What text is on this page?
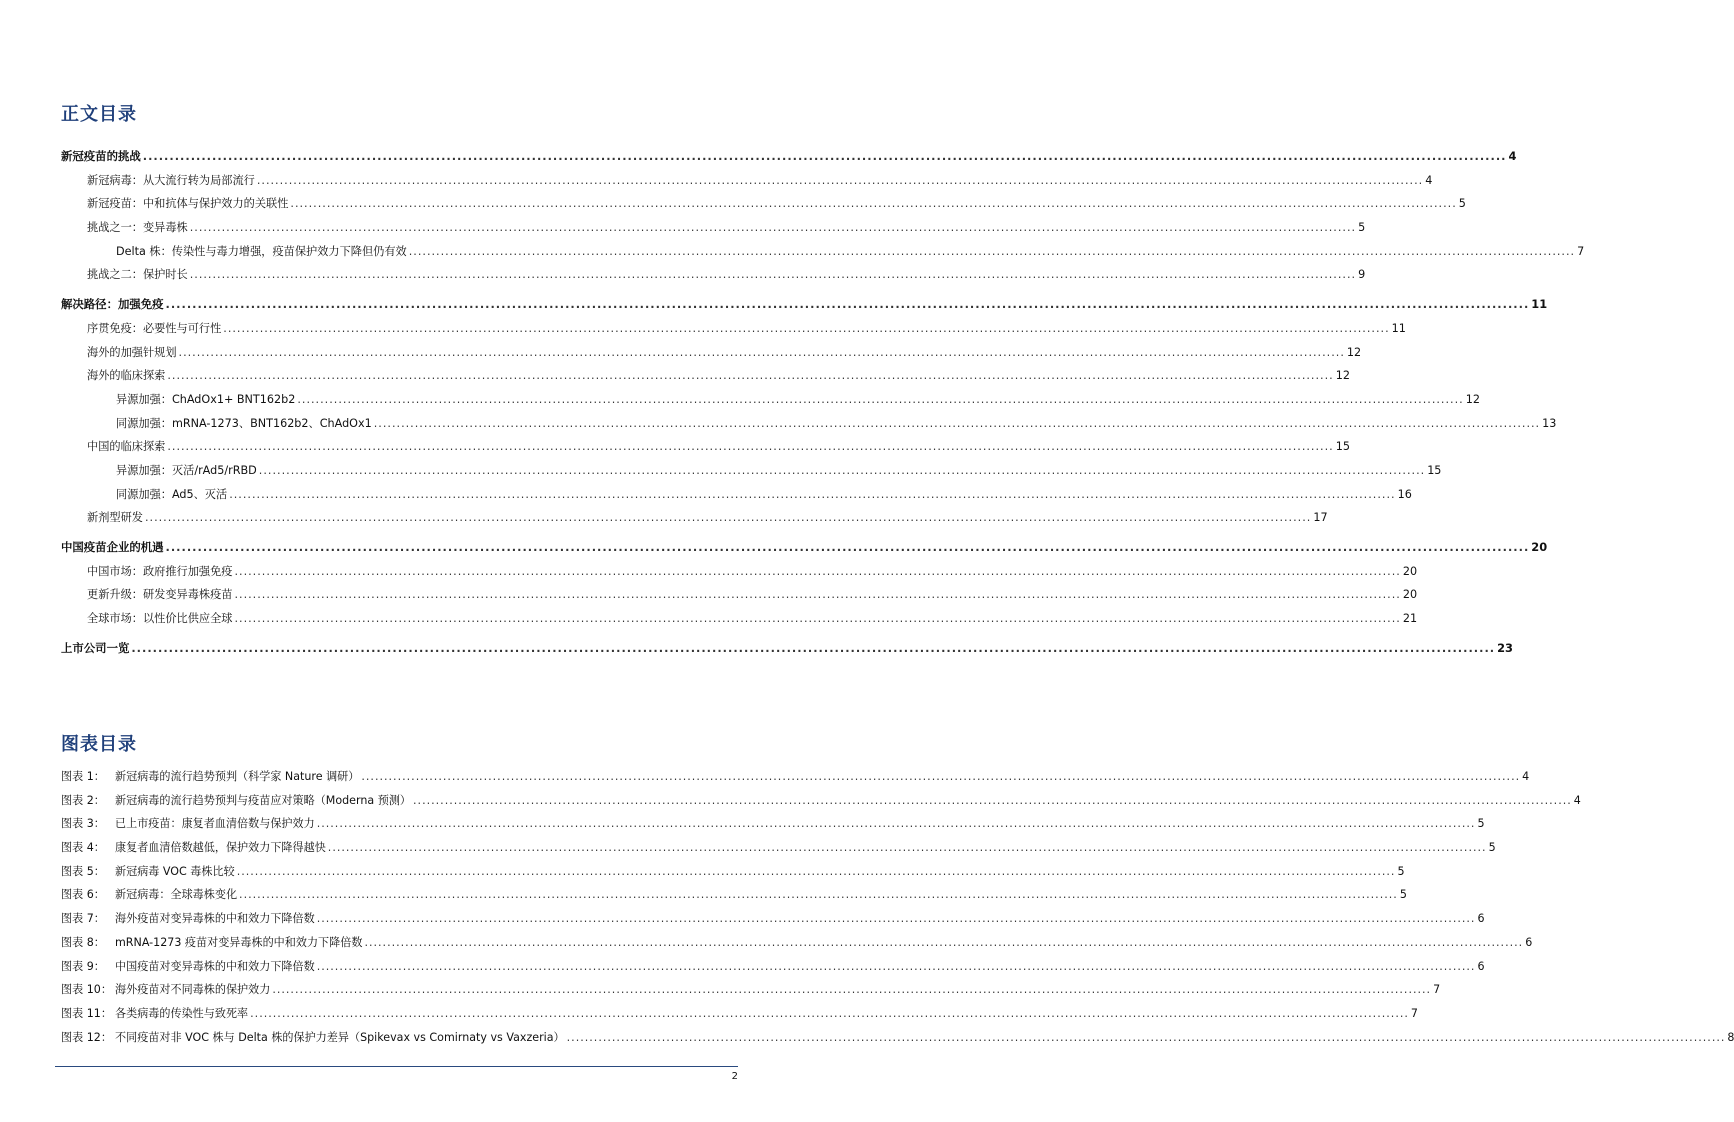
正文目录
新冠疫苗的挑战 .....	4
新冠病毒：从大流行转为局部流行 .....	4
新冠疫苗：中和抗体与保护效力的关联性 .....	5
挑战之一：变异毒株 .....	5
Delta 株：传染性与毒力增强，疫苗保护效力下降但仍有效 .....	7
挑战之二：保护时长 .....	9
解决路径：加强免疫 .....	11
序贯免疫：必要性与可行性 .....	11
海外的加强针规划 .....	12
海外的临床探索 .....	12
异源加强：ChAdOx1+ BNT162b2 .....	12
同源加强：mRNA-1273、BNT162b2、ChAdOx1 .....	13
中国的临床探索 .....	15
异源加强：灭活/rAd5/rRBD .....	15
同源加强：Ad5、灭活 .....	16
新剂型研发 .....	17
中国疫苗企业的机遇 .....	20
中国市场：政府推行加强免疫 .....	20
更新升级：研发变异毒株疫苗 .....	20
全球市场：以性价比供应全球 .....	21
上市公司一览 .....	23
图表目录
图表 1： 新冠病毒的流行趋势预判（科学家 Nature 调研） .....	4
图表 2： 新冠病毒的流行趋势预判与疫苗应对策略（Moderna 预测） .....	4
图表 3： 已上市疫苗：康复者血清倍数与保护效力 .....	5
图表 4： 康复者血清倍数越低，保护效力下降得越快 .....	5
图表 5： 新冠病毒 VOC 毒株比较 .....	5
图表 6： 新冠病毒：全球毒株变化 .....	5
图表 7： 海外疫苗对变异毒株的中和效力下降倍数 .....	6
图表 8： mRNA-1273 疫苗对变异毒株的中和效力下降倍数 .....	6
图表 9： 中国疫苗对变异毒株的中和效力下降倍数 .....	6
图表 10： 海外疫苗对不同毒株的保护效力 .....	7
图表 11： 各类病毒的传染性与致死率 .....	7
图表 12： 不同疫苗对非 VOC 株与 Delta 株的保护力差异（Spikevax vs Comirnaty vs Vaxzeria） .....	8
2
